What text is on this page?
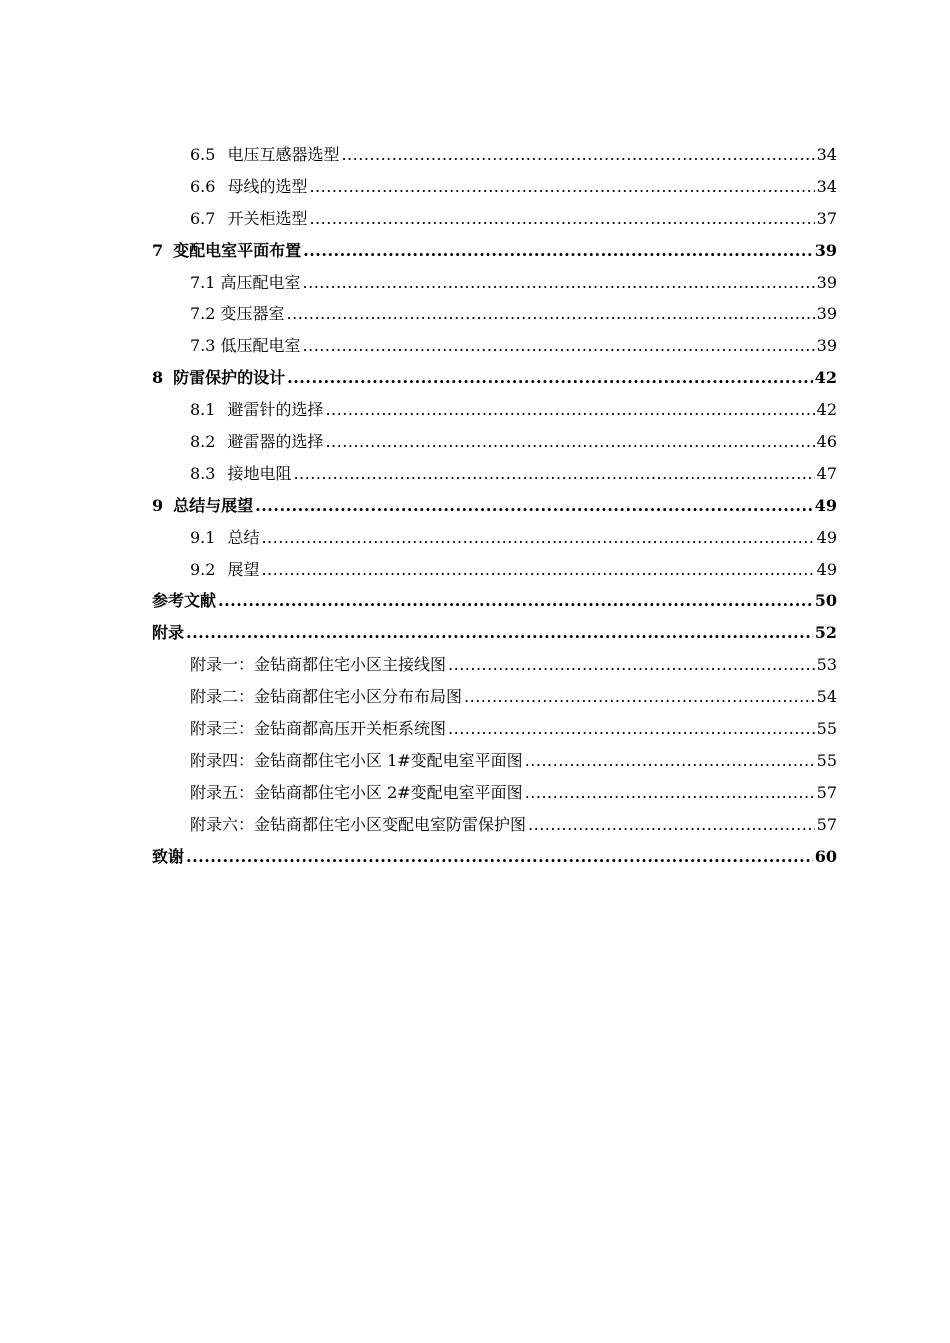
6.5 电压互感器选型 .....	34
6.6 母线的选型 .....	34
6.7 开关柜选型 .....	37
7 变配电室平面布置 .....	39
7.1 高压配电室 .....	39
7.2 变压器室 .....	39
7.3 低压配电室 .....	39
8 防雷保护的设计 .....	42
8.1 避雷针的选择 .....	42
8.2 避雷器的选择 .....	46
8.3 接地电阻 .....	47
9 总结与展望 .....	49
9.1 总结 .....	49
9.2 展望 .....	49
参考文献 .....	50
附录 .....	52
附录一：金钻商都住宅小区主接线图 .....	53
附录二：金钻商都住宅小区分布布局图 .....	54
附录三：金钻商都高压开关柜系统图 .....	55
附录四：金钻商都住宅小区 1#变配电室平面图 .....	55
附录五：金钻商都住宅小区 2#变配电室平面图 .....	57
附录六：金钻商都住宅小区变配电室防雷保护图 .....	57
致谢 .....	60
